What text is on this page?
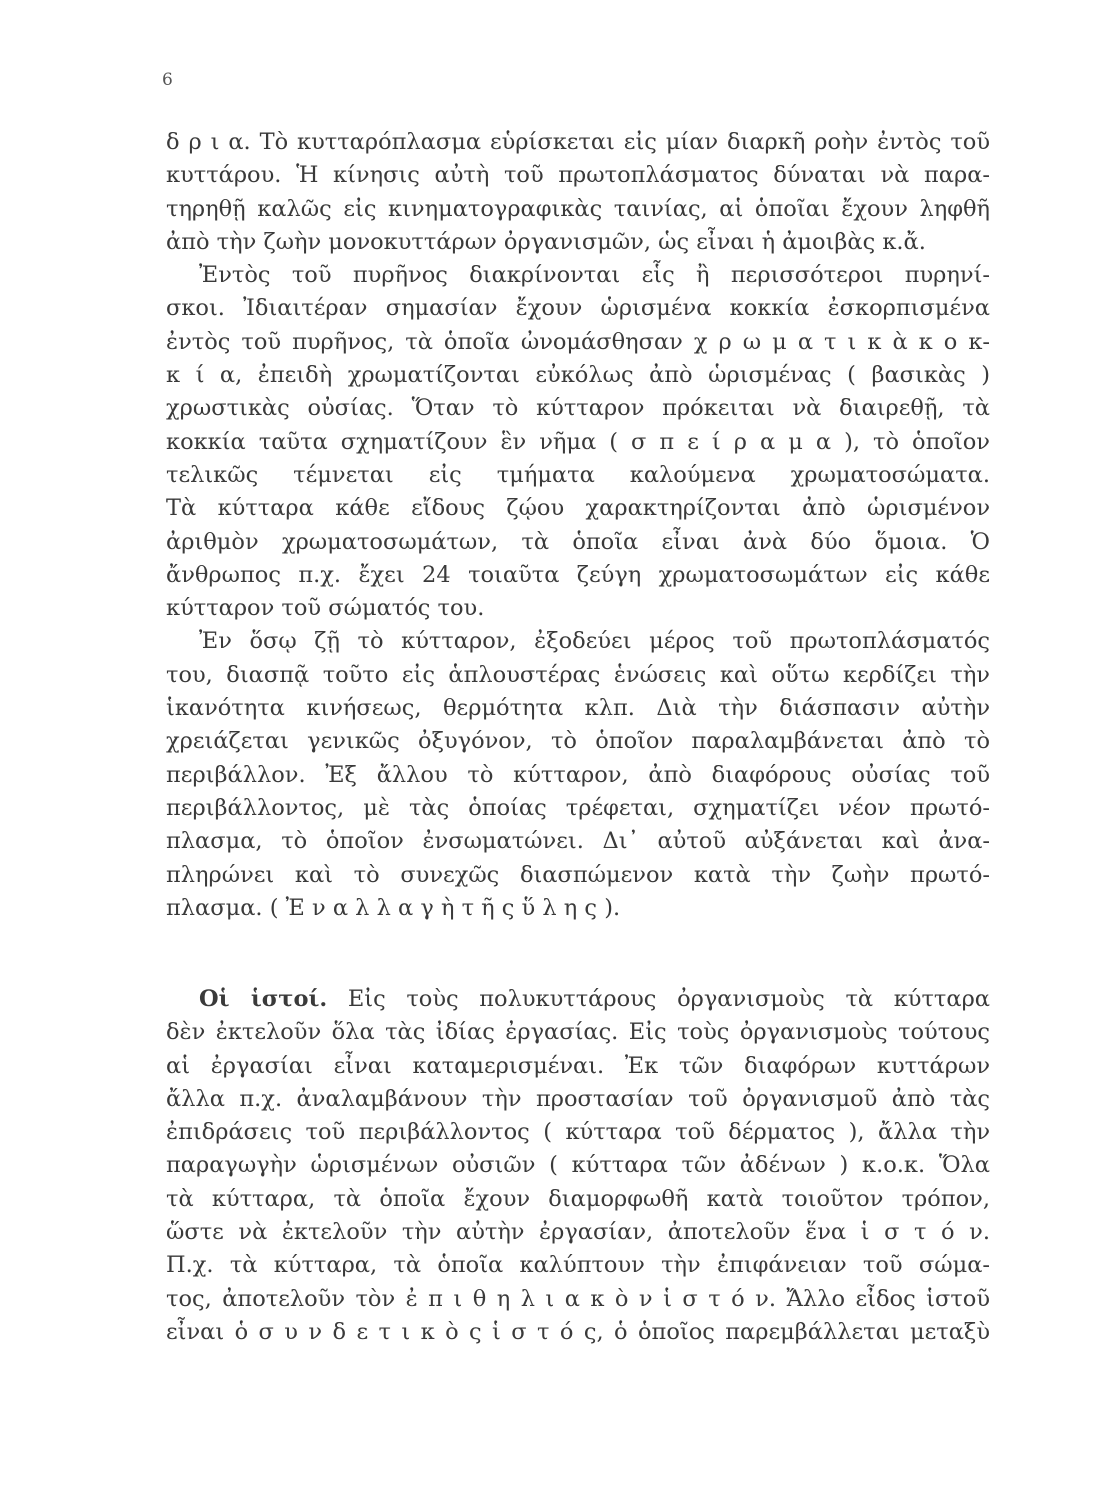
6
δ ρ ι α. Τὸ κυτταρόπλασμα εὑρίσκεται εἰς μίαν διαρκῆ ροὴν ἐντὸς τοῦ
κυττάρου. Ἡ κίνησις αὐτὴ τοῦ πρωτοπλάσματος δύναται νὰ παρα-
τηρηθῇ καλῶς εἰς κινηματογραφικὰς ταινίας, αἱ ὁποῖαι ἔχουν ληφθῆ
ἀπὸ τὴν ζωὴν μονοκυττάρων ὀργανισμῶν, ὡς εἶναι ἡ ἀμοιβὰς κ.ἄ.
Ἐντὸς τοῦ πυρῆνος διακρίνονται εἷς ἢ περισσότεροι πυρηνί-
σκοι. Ἰδιαιτέραν σημασίαν ἔχουν ὡρισμένα κοκκία ἐσκορπισμένα
ἐντὸς τοῦ πυρῆνος, τὰ ὁποῖα ὠνομάσθησαν χ ρ ω μ α τ ι κ ὰ κ ο κ-
κ ί α, ἐπειδὴ χρωματίζονται εὐκόλως ἀπὸ ὡρισμένας ( βασικὰς )
χρωστικὰς οὐσίας. Ὅταν τὸ κύτταρον πρόκειται νὰ διαιρεθῇ, τὰ
κοκκία ταῦτα σχηματίζουν ἓν νῆμα ( σ π ε ί ρ α μ α ), τὸ ὁποῖον
τελικῶς τέμνεται εἰς τμήματα καλούμενα χρωματοσώματα.
Τὰ κύτταρα κάθε εἴδους ζῴου χαρακτηρίζονται ἀπὸ ὡρισμένον
ἀριθμὸν χρωματοσωμάτων, τὰ ὁποῖα εἶναι ἀνὰ δύο ὅμοια. Ὁ
ἄνθρωπος π.χ. ἔχει 24 τοιαῦτα ζεύγη χρωματοσωμάτων εἰς κάθε
κύτταρον τοῦ σώματός του.
Ἐν ὅσῳ ζῇ τὸ κύτταρον, ἐξοδεύει μέρος τοῦ πρωτοπλάσματός
του, διασπᾷ τοῦτο εἰς ἁπλουστέρας ἑνώσεις καὶ οὕτω κερδίζει τὴν
ἱκανότητα κινήσεως, θερμότητα κλπ. Διὰ τὴν διάσπασιν αὐτὴν
χρειάζεται γενικῶς ὀξυγόνον, τὸ ὁποῖον παραλαμβάνεται ἀπὸ τὸ
περιβάλλον. Ἐξ ἄλλου τὸ κύτταρον, ἀπὸ διαφόρους οὐσίας τοῦ
περιβάλλοντος, μὲ τὰς ὁποίας τρέφεται, σχηματίζει νέον πρωτό-
πλασμα, τὸ ὁποῖον ἐνσωματώνει. Δι᾽ αὐτοῦ αὐξάνεται καὶ ἀνα-
πληρώνει καὶ τὸ συνεχῶς διασπώμενον κατὰ τὴν ζωὴν πρωτό-
πλασμα. ( Ἐ ν α λ λ α γ ὴ τ ῆ ς ὕ λ η ς ).
Οἱ ἱστοί. Εἰς τοὺς πολυκυττάρους ὀργανισμοὺς τὰ κύτταρα
δὲν ἐκτελοῦν ὅλα τὰς ἰδίας ἐργασίας. Εἰς τοὺς ὀργανισμοὺς τούτους
αἱ ἐργασίαι εἶναι καταμερισμέναι. Ἐκ τῶν διαφόρων κυττάρων
ἄλλα π.χ. ἀναλαμβάνουν τὴν προστασίαν τοῦ ὀργανισμοῦ ἀπὸ τὰς
ἐπιδράσεις τοῦ περιβάλλοντος ( κύτταρα τοῦ δέρματος ), ἄλλα τὴν
παραγωγὴν ὡρισμένων οὐσιῶν ( κύτταρα τῶν ἀδένων ) κ.ο.κ. Ὅλα
τὰ κύτταρα, τὰ ὁποῖα ἔχουν διαμορφωθῆ κατὰ τοιοῦτον τρόπον,
ὥστε νὰ ἐκτελοῦν τὴν αὐτὴν ἐργασίαν, ἀποτελοῦν ἕνα ἱ σ τ ό ν.
Π.χ. τὰ κύτταρα, τὰ ὁποῖα καλύπτουν τὴν ἐπιφάνειαν τοῦ σώμα-
τος, ἀποτελοῦν τὸν ἐ π ι θ η λ ι α κ ὸ ν ἱ σ τ ό ν. Ἄλλο εἶδος ἱστοῦ
εἶναι ὁ σ υ ν δ ε τ ι κ ὸ ς ἱ σ τ ό ς, ὁ ὁποῖος παρεμβάλλεται μεταξὺ
